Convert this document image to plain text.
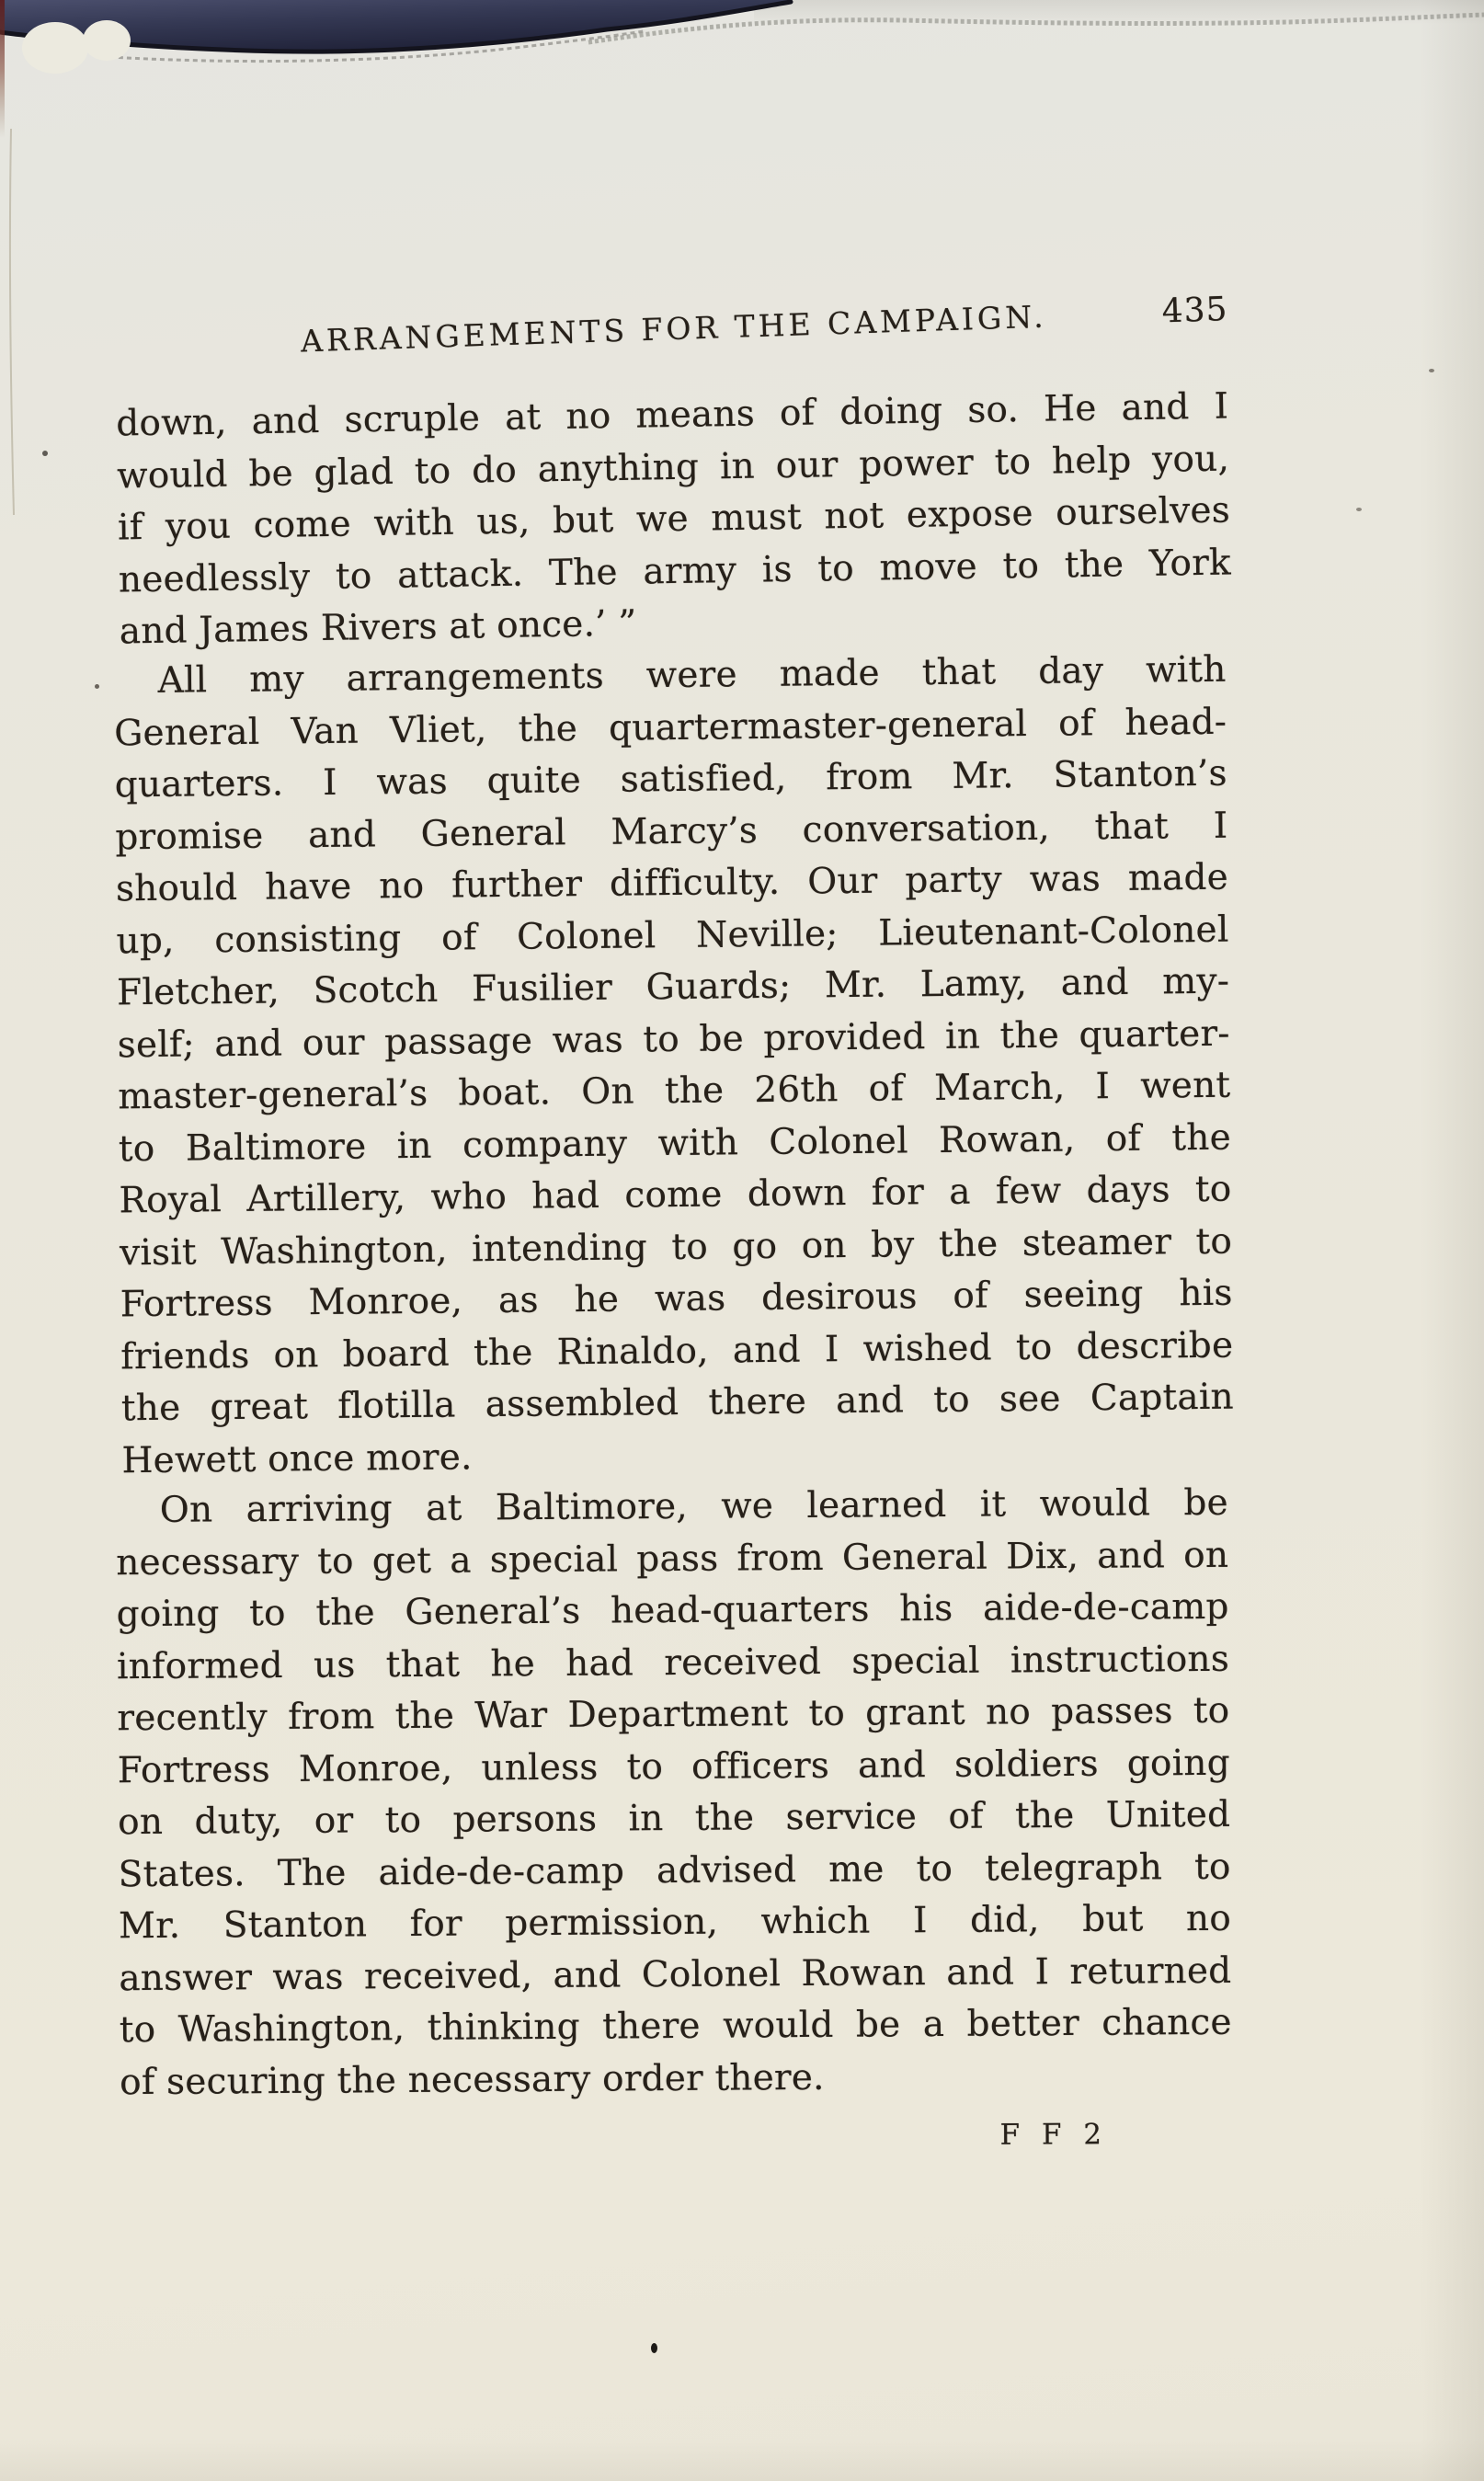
ARRANGEMENTS FOR THE CAMPAIGN.	435
down, and scruple at no means of doing so. He and I
would be glad to do anything in our power to help you,
if you come with us, but we must not expose ourselves
needlessly to attack. The army is to move to the York
and James Rivers at once.’ ”
All my arrangements were made that day with
General Van Vliet, the quartermaster-general of head-
quarters. I was quite satisfied, from Mr. Stanton’s
promise and General Marcy’s conversation, that I
should have no further difficulty. Our party was made
up, consisting of Colonel Neville; Lieutenant-Colonel
Fletcher, Scotch Fusilier Guards; Mr. Lamy, and my-
self; and our passage was to be provided in the quarter-
master-general’s boat. On the 26th of March, I went
to Baltimore in company with Colonel Rowan, of the
Royal Artillery, who had come down for a few days to
visit Washington, intending to go on by the steamer to
Fortress Monroe, as he was desirous of seeing his
friends on board the Rinaldo, and I wished to describe
the great flotilla assembled there and to see Captain
Hewett once more.
On arriving at Baltimore, we learned it would be
necessary to get a special pass from General Dix, and on
going to the General’s head-quarters his aide-de-camp
informed us that he had received special instructions
recently from the War Department to grant no passes to
Fortress Monroe, unless to officers and soldiers going
on duty, or to persons in the service of the United
States. The aide-de-camp advised me to telegraph to
Mr. Stanton for permission, which I did, but no
answer was received, and Colonel Rowan and I returned
to Washington, thinking there would be a better chance
of securing the necessary order there.
F F 2
